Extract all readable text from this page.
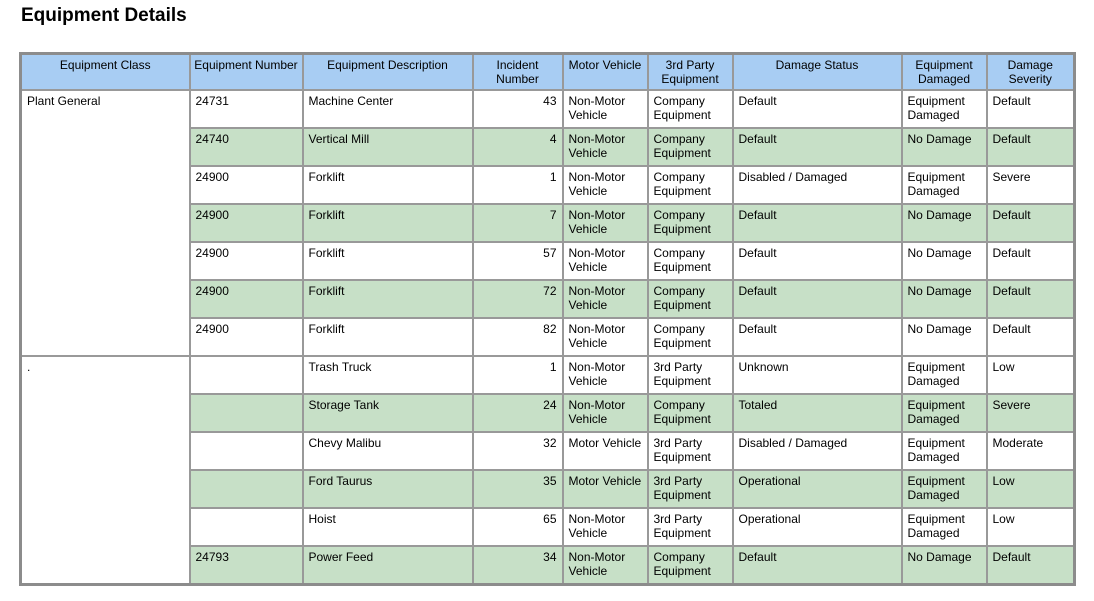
Equipment Details
Equipment Class	Equipment Number	Equipment Description	Incident Number	Motor Vehicle	3rd Party Equipment	Damage Status	Equipment Damaged	Damage Severity
Plant General	24731	Machine Center	43	Non-Motor Vehicle	Company Equipment	Default	Equipment Damaged	Default
	24740	Vertical Mill	4	Non-Motor Vehicle	Company Equipment	Default	No Damage	Default
	24900	Forklift	1	Non-Motor Vehicle	Company Equipment	Disabled / Damaged	Equipment Damaged	Severe
	24900	Forklift	7	Non-Motor Vehicle	Company Equipment	Default	No Damage	Default
	24900	Forklift	57	Non-Motor Vehicle	Company Equipment	Default	No Damage	Default
	24900	Forklift	72	Non-Motor Vehicle	Company Equipment	Default	No Damage	Default
	24900	Forklift	82	Non-Motor Vehicle	Company Equipment	Default	No Damage	Default
.		Trash Truck	1	Non-Motor Vehicle	3rd Party Equipment	Unknown	Equipment Damaged	Low
		Storage Tank	24	Non-Motor Vehicle	Company Equipment	Totaled	Equipment Damaged	Severe
		Chevy Malibu	32	Motor Vehicle	3rd Party Equipment	Disabled / Damaged	Equipment Damaged	Moderate
		Ford Taurus	35	Motor Vehicle	3rd Party Equipment	Operational	Equipment Damaged	Low
		Hoist	65	Non-Motor Vehicle	3rd Party Equipment	Operational	Equipment Damaged	Low
	24793	Power Feed	34	Non-Motor Vehicle	Company Equipment	Default	No Damage	Default
